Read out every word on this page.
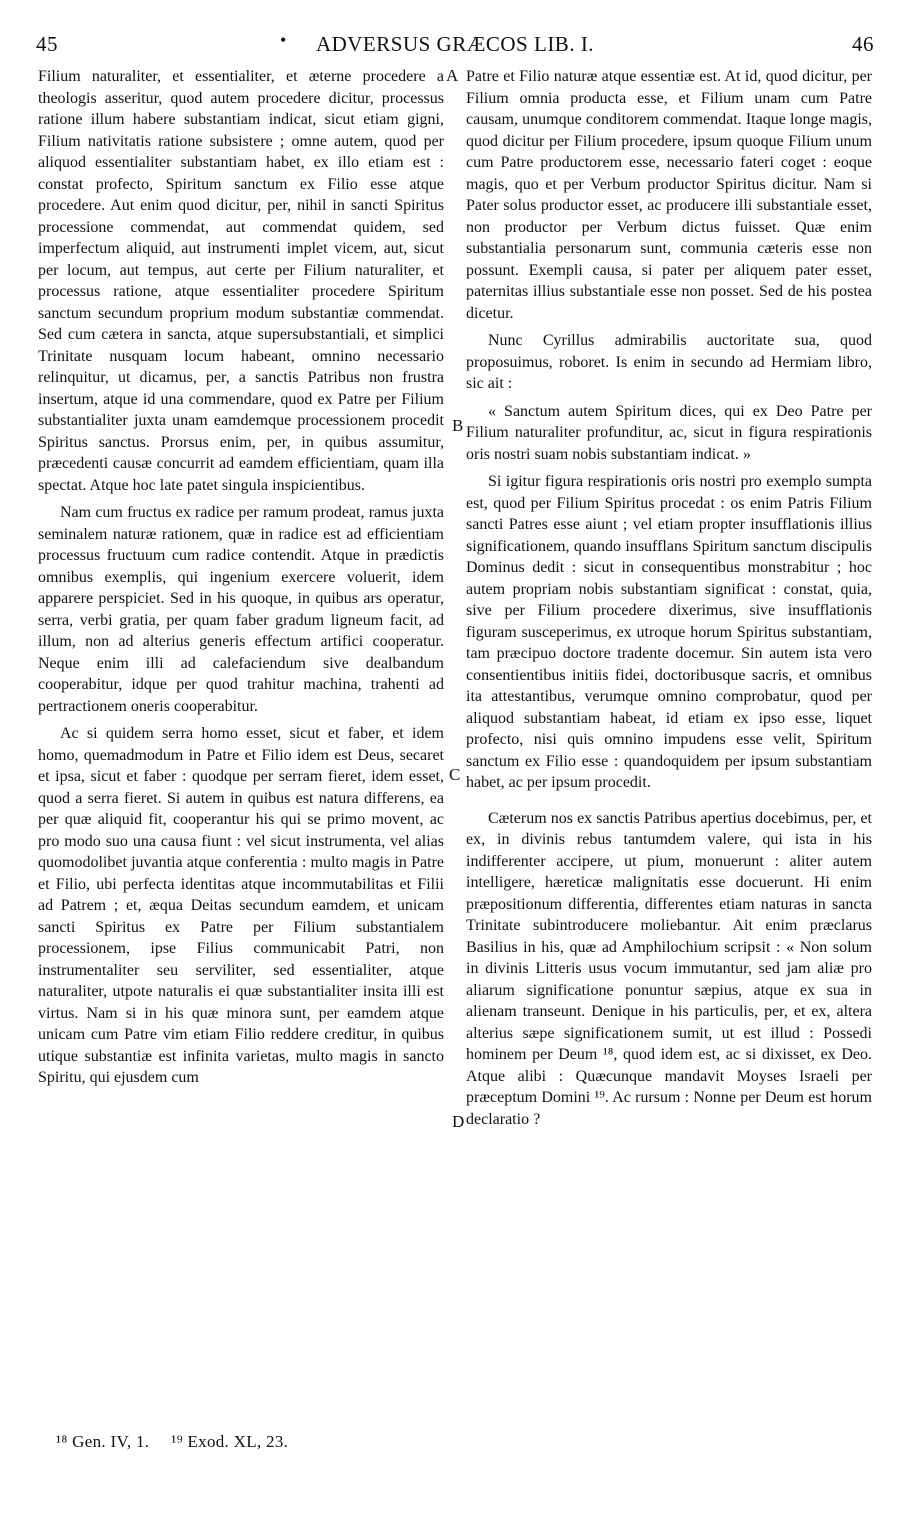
45	•	ADVERSUS GRÆCOS LIB. I.	46
A
B
C
D

Filium naturaliter, et essentialiter, et æterne procedere a theologis asseritur, quod autem procedere dicitur, processus ratione illum habere substantiam indicat, sicut etiam gigni, Filium nativitatis ratione subsistere ; omne autem, quod per aliquod essentialiter substantiam habet, ex illo etiam est : constat profecto, Spiritum sanctum ex Filio esse atque procedere. Aut enim quod dicitur, per, nihil in sancti Spiritus processione commendat, aut commendat quidem, sed imperfectum aliquid, aut instrumenti implet vicem, aut, sicut per locum, aut tempus, aut certe per Filium naturaliter, et processus ratione, atque essentialiter procedere Spiritum sanctum secundum proprium modum substantiæ commendat. Sed cum cætera in sancta, atque supersubstantiali, et simplici Trinitate nusquam locum habeant, omnino necessario relinquitur, ut dicamus, per, a sanctis Patribus non frustra insertum, atque id una commendare, quod ex Patre per Filium substantialiter juxta unam eamdemque processionem procedit Spiritus sanctus. Prorsus enim, per, in quibus assumitur, præcedenti causæ concurrit ad eamdem efficientiam, quam illa spectat. Atque hoc late patet singula inspicientibus.

Nam cum fructus ex radice per ramum prodeat, ramus juxta seminalem naturæ rationem, quæ in radice est ad efficientiam processus fructuum cum radice contendit. Atque in prædictis omnibus exemplis, qui ingenium exercere voluerit, idem apparere perspiciet. Sed in his quoque, in quibus ars operatur, serra, verbi gratia, per quam faber gradum ligneum facit, ad illum, non ad alterius generis effectum artifici cooperatur. Neque enim illi ad calefaciendum sive dealbandum cooperabitur, idque per quod trahitur machina, trahenti ad pertractionem oneris cooperabitur.

Ac si quidem serra homo esset, sicut et faber, et idem homo, quemadmodum in Patre et Filio idem est Deus, secaret et ipsa, sicut et faber : quodque per serram fieret, idem esset, quod a serra fieret. Si autem in quibus est natura differens, ea per quæ aliquid fit, cooperantur his qui se primo movent, ac pro modo suo una causa fiunt : vel sicut instrumenta, vel alias quomodolibet juvantia atque conferentia : multo magis in Patre et Filio, ubi perfecta identitas atque incommutabilitas et Filii ad Patrem ; et, æqua Deitas secundum eamdem, et unicam sancti Spiritus ex Patre per Filium substantialem processionem, ipse Filius communicabit Patri, non instrumentaliter seu serviliter, sed essentialiter, atque naturaliter, utpote naturalis ei quæ substantialiter insita illi est virtus. Nam si in his quæ minora sunt, per eamdem atque unicam cum Patre vim etiam Filio reddere creditur, in quibus utique substantiæ est infinita varietas, multo magis in sancto Spiritu, qui ejusdem cum

Patre et Filio naturæ atque essentiæ est. At id, quod dicitur, per Filium omnia producta esse, et Filium unam cum Patre causam, unumque conditorem commendat. Itaque longe magis, quod dicitur per Filium procedere, ipsum quoque Filium unum cum Patre productorem esse, necessario fateri coget : eoque magis, quo et per Verbum productor Spiritus dicitur. Nam si Pater solus productor esset, ac producere illi substantiale esset, non productor per Verbum dictus fuisset. Quæ enim substantialia personarum sunt, communia cæteris esse non possunt. Exempli causa, si pater per aliquem pater esset, paternitas illius substantiale esse non posset. Sed de his postea dicetur.

Nunc Cyrillus admirabilis auctoritate sua, quod proposuimus, roboret. Is enim in secundo ad Hermiam libro, sic ait :

« Sanctum autem Spiritum dices, qui ex Deo Patre per Filium naturaliter profunditur, ac, sicut in figura respirationis oris nostri suam nobis substantiam indicat. »

Si igitur figura respirationis oris nostri pro exemplo sumpta est, quod per Filium Spiritus procedat : os enim Patris Filium sancti Patres esse aiunt ; vel etiam propter insufflationis illius significationem, quando insufflans Spiritum sanctum discipulis Dominus dedit : sicut in consequentibus monstrabitur ; hoc autem propriam nobis substantiam significat : constat, quia, sive per Filium procedere dixerimus, sive insufflationis figuram susceperimus, ex utroque horum Spiritus substantiam, tam præcipuo doctore tradente docemur. Sin autem ista vero consentientibus initiis fidei, doctoribusque sacris, et omnibus ita attestantibus, verumque omnino comprobatur, quod per aliquod substantiam habeat, id etiam ex ipso esse, liquet profecto, nisi quis omnino impudens esse velit, Spiritum sanctum ex Filio esse : quandoquidem per ipsum substantiam habet, ac per ipsum procedit.

Cæterum nos ex sanctis Patribus apertius docebimus, per, et ex, in divinis rebus tantumdem valere, qui ista in his indifferenter accipere, ut pium, monuerunt : aliter autem intelligere, hæreticæ malignitatis esse docuerunt. Hi enim præpositionum differentia, differentes etiam naturas in sancta Trinitate subintroducere moliebantur. Ait enim præclarus Basilius in his, quæ ad Amphilochium scripsit : « Non solum in divinis Litteris usus vocum immutantur, sed jam aliæ pro aliarum significatione ponuntur sæpius, atque ex sua in alienam transeunt. Denique in his particulis, per, et ex, altera alterius sæpe significationem sumit, ut est illud : Possedi hominem per Deum ¹⁸, quod idem est, ac si dixisset, ex Deo. Atque alibi : Quæcunque mandavit Moyses Israeli per præceptum Domini ¹⁹. Ac rursum : Nonne per Deum est horum declaratio ?

¹⁸ Gen. IV, 1. ¹⁹ Exod. XL, 23.
